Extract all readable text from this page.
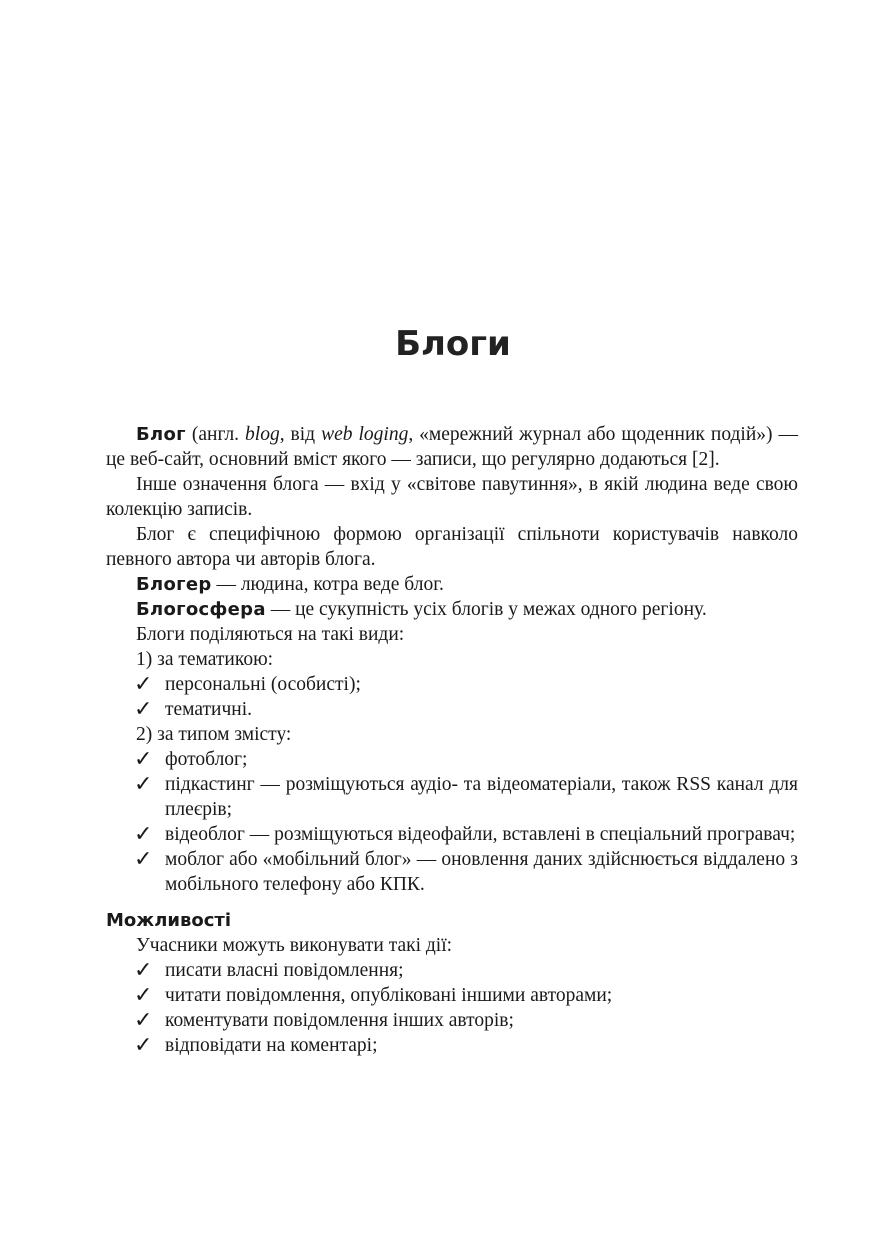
Блоги

Блог (англ. blog, від web loging, «мережний журнал або щоденник подій») — це веб-сайт, основний вміст якого — записи, що регулярно додаються [2].

Інше означення блога — вхід у «світове павутиння», в якій людина веде свою колекцію записів.

Блог є специфічною формою організації спільноти користувачів навколо певного автора чи авторів блога.

Блогер — людина, котра веде блог.

Блогосфера — це сукупність усіх блогів у межах одного регіону.

Блоги поділяються на такі види:

1) за тематикою:

✓ персональні (особисті);
✓ тематичні.

2) за типом змісту:

✓ фотоблог;
✓ підкастинг — розміщуються аудіо- та відеоматеріали, також RSS канал для плеєрів;
✓ відеоблог — розміщуються відеофайли, вставлені в спеціальний програвач;
✓ моблог або «мобільний блог» — оновлення даних здійснюється віддалено з мобільного телефону або КПК.
Можливості

Учасники можуть виконувати такі дії:

✓ писати власні повідомлення;
✓ читати повідомлення, опубліковані іншими авторами;
✓ коментувати повідомлення інших авторів;
✓ відповідати на коментарі;
